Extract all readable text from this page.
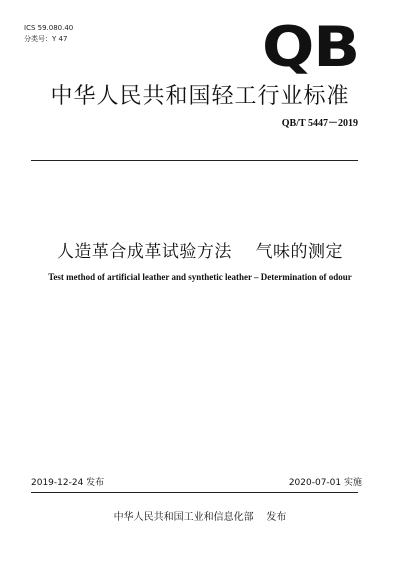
ICS 59.080.40
分类号：Y 47	QB
中华人民共和国轻工行业标准
QB/T 5447－2019
人造革合成革试验方法    气味的测定
Test method of artificial leather and synthetic leather – Determination of odour
2019-12-24 发布	2020-07-01 实施
中华人民共和国工业和信息化部    发布
